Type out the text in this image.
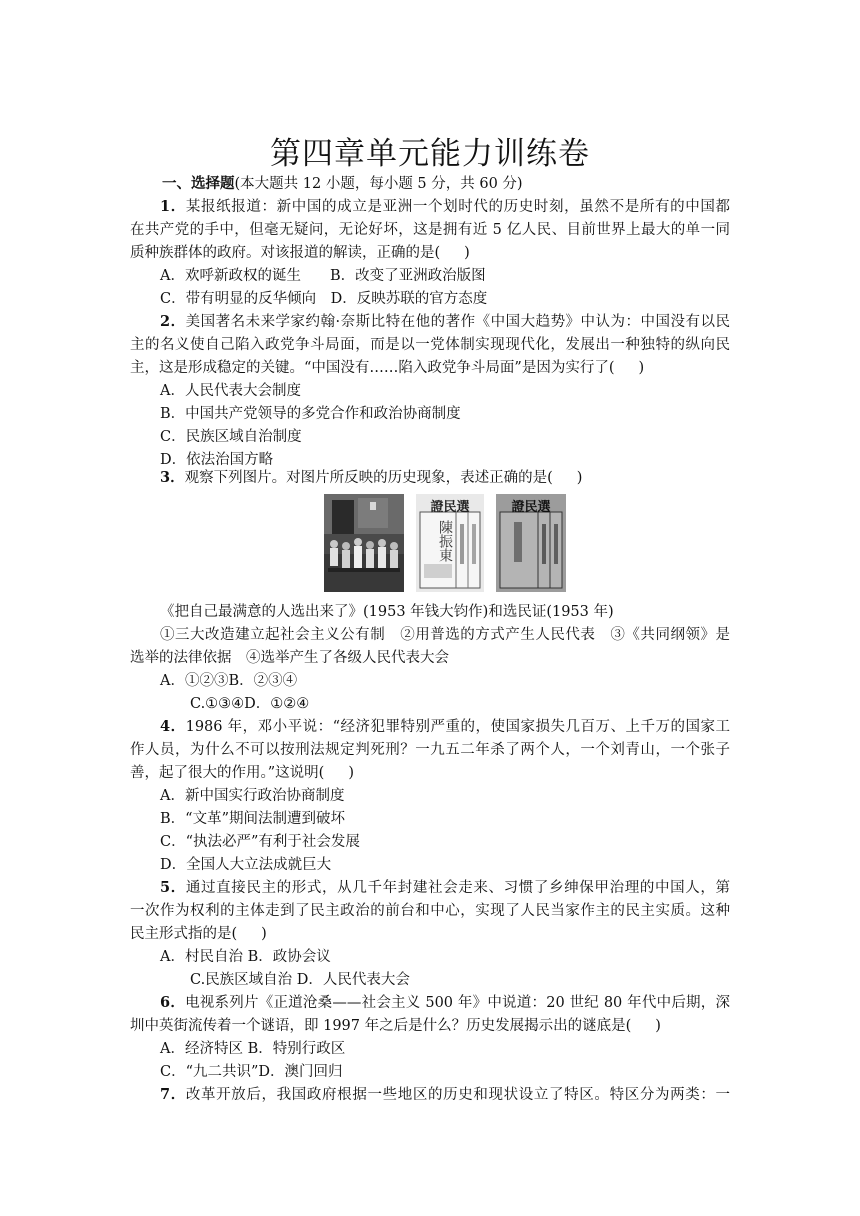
第四章单元能力训练卷
一、选择题(本大题共 12 小题，每小题 5 分，共 60 分)
1．某报纸报道：新中国的成立是亚洲一个划时代的历史时刻，虽然不是所有的中国都
在共产党的手中，但毫无疑问，无论好坏，这是拥有近 5 亿人民、目前世界上最大的单一同
质种族群体的政府。对该报道的解读，正确的是( )
A．欢呼新政权的诞生　　B．改变了亚洲政治版图
C．带有明显的反华倾向　D．反映苏联的官方态度
2．美国著名未来学家约翰·奈斯比特在他的著作《中国大趋势》中认为：中国没有以民
主的名义使自己陷入政党争斗局面，而是以一党体制实现现代化，发展出一种独特的纵向民
主，这是形成稳定的关键。“中国没有……陷入政党争斗局面”是因为实行了( )
A．人民代表大会制度
B．中国共产党领导的多党合作和政治协商制度
C．民族区域自治制度
D．依法治国方略
3．观察下列图片。对图片所反映的历史现象，表述正确的是( )
證民選
陳振東
證民選
《把自己最满意的人选出来了》(1953 年钱大钧作)和选民证(1953 年)
①三大改造建立起社会主义公有制　②用普选的方式产生人民代表　③《共同纲领》是
选举的法律依据　④选举产生了各级人民代表大会
A．①②③B．②③④
C.①③④D．①②④
4．1986 年，邓小平说：“经济犯罪特别严重的，使国家损失几百万、上千万的国家工
作人员，为什么不可以按刑法规定判死刑？一九五二年杀了两个人，一个刘青山，一个张子
善，起了很大的作用。”这说明( )
A．新中国实行政治协商制度
B．“文革”期间法制遭到破坏
C．“执法必严”有利于社会发展
D．全国人大立法成就巨大
5．通过直接民主的形式，从几千年封建社会走来、习惯了乡绅保甲治理的中国人，第
一次作为权利的主体走到了民主政治的前台和中心，实现了人民当家作主的民主实质。这种
民主形式指的是( )
A．村民自治 B．政协会议
C.民族区域自治 D．人民代表大会
6．电视系列片《正道沧桑——社会主义 500 年》中说道：20 世纪 80 年代中后期，深
圳中英街流传着一个谜语，即 1997 年之后是什么？历史发展揭示出的谜底是( )
A．经济特区 B．特别行政区
C．“九二共识”D．澳门回归
7．改革开放后，我国政府根据一些地区的历史和现状设立了特区。特区分为两类：一
